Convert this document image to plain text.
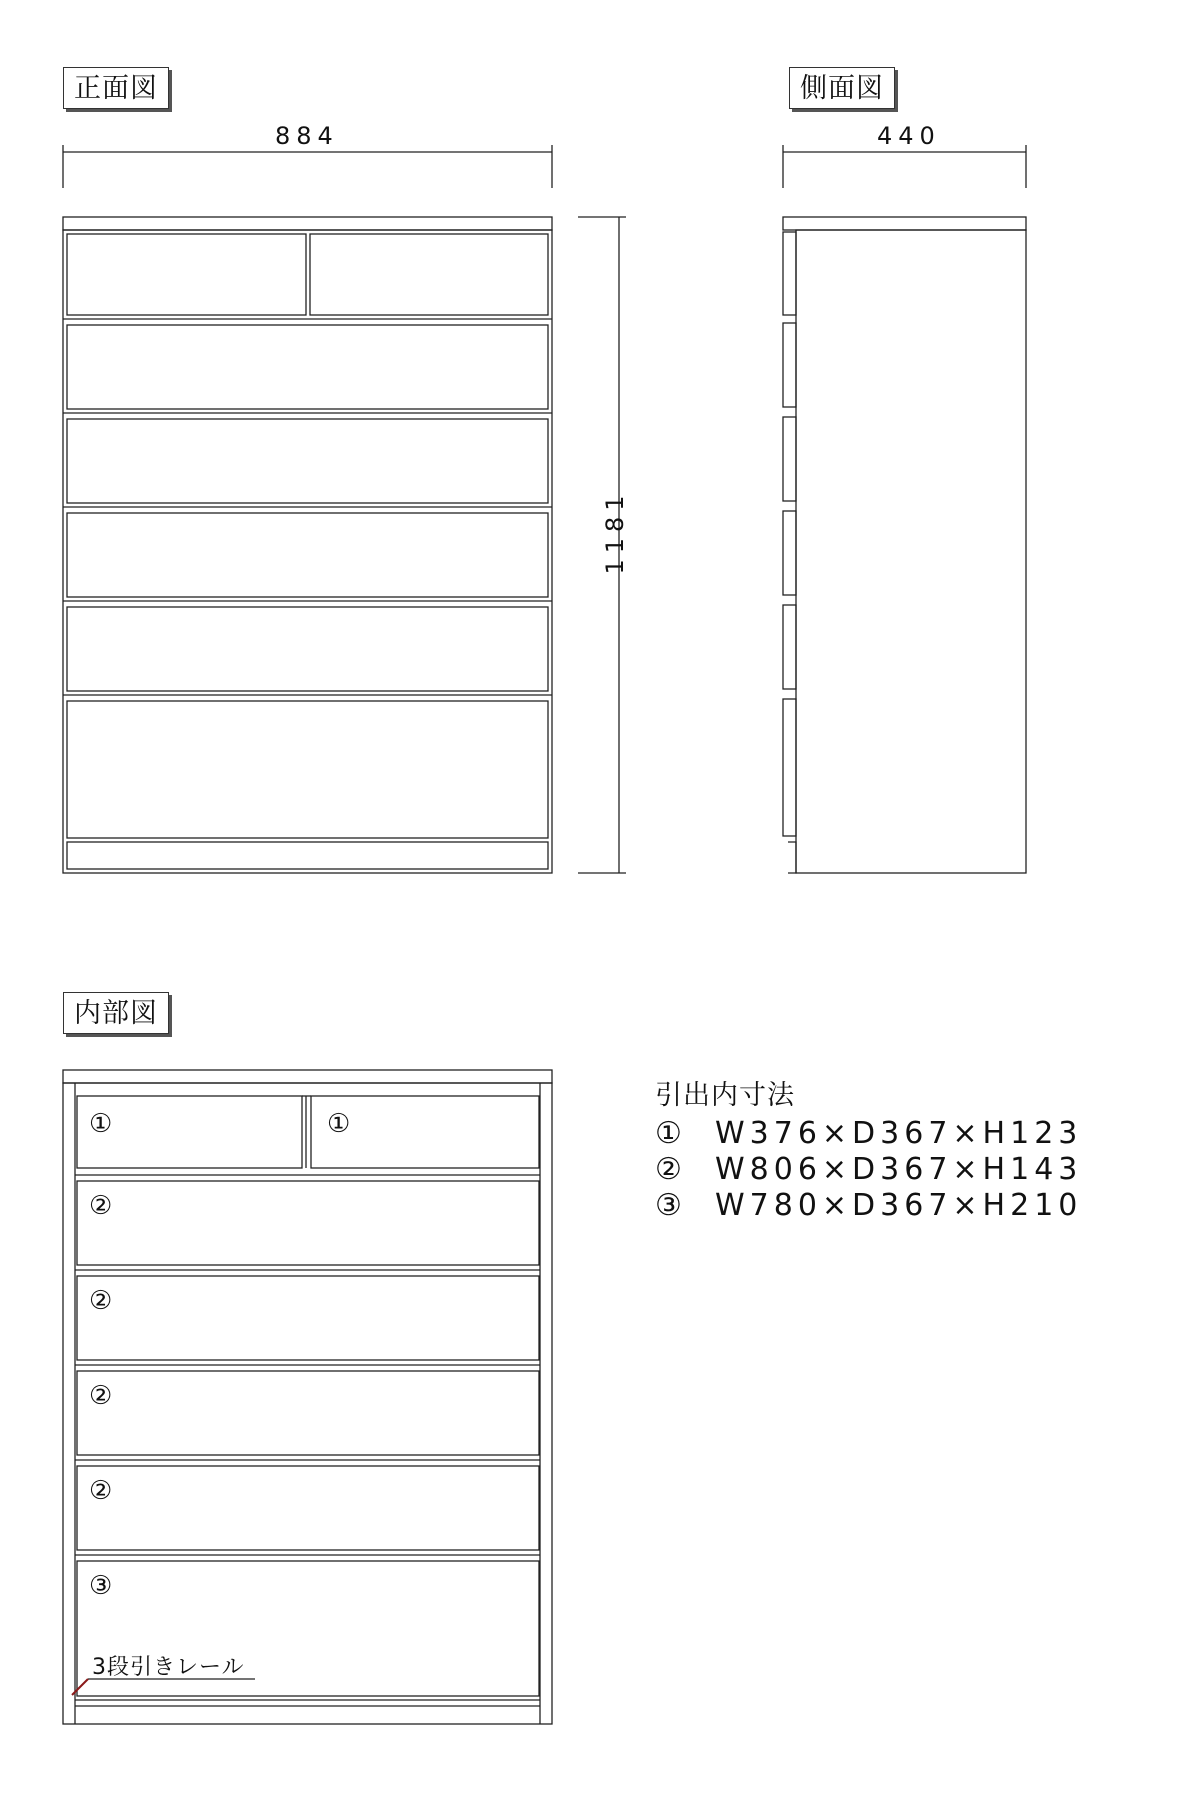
正面図	側面図
内部図
884	440
1181
①	①
②
②
②
②
③
3段引きレール
引出内寸法
①	W376×D367×H123
②	W806×D367×H143
③	W780×D367×H210
